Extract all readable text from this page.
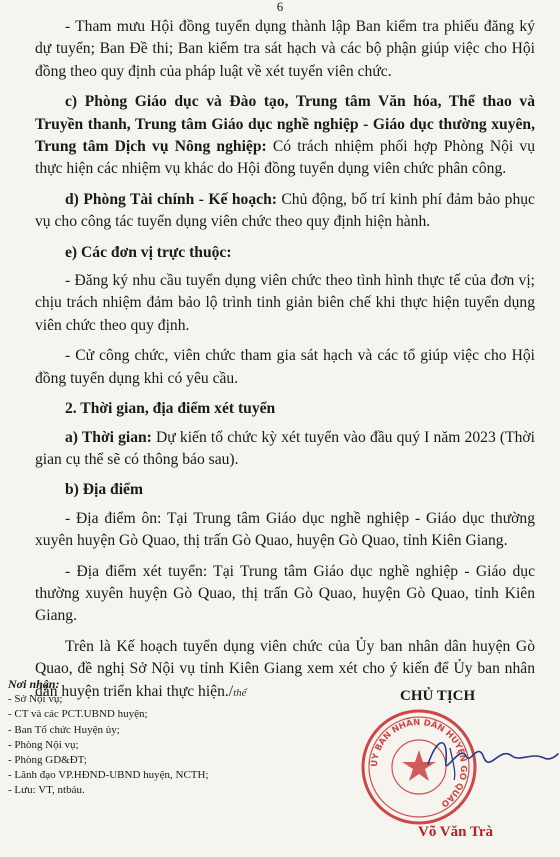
6

- Tham mưu Hội đồng tuyển dụng thành lập Ban kiểm tra phiếu đăng ký dự tuyển; Ban Đề thi; Ban kiểm tra sát hạch và các bộ phận giúp việc cho Hội đồng theo quy định của pháp luật về xét tuyển viên chức.

c) Phòng Giáo dục và Đào tạo, Trung tâm Văn hóa, Thể thao và Truyền thanh, Trung tâm Giáo dục nghề nghiệp - Giáo dục thường xuyên, Trung tâm Dịch vụ Nông nghiệp: Có trách nhiệm phối hợp Phòng Nội vụ thực hiện các nhiệm vụ khác do Hội đồng tuyển dụng viên chức phân công.

d) Phòng Tài chính - Kế hoạch: Chủ động, bố trí kinh phí đảm bảo phục vụ cho công tác tuyển dụng viên chức theo quy định hiện hành.

e) Các đơn vị trực thuộc:

- Đăng ký nhu cầu tuyển dụng viên chức theo tình hình thực tế của đơn vị; chịu trách nhiệm đảm bảo lộ trình tinh giản biên chế khi thực hiện tuyển dụng viên chức theo quy định.

- Cử công chức, viên chức tham gia sát hạch và các tổ giúp việc cho Hội đồng tuyển dụng khi có yêu cầu.

2. Thời gian, địa điểm xét tuyển

a) Thời gian: Dự kiến tổ chức kỳ xét tuyển vào đầu quý I năm 2023 (Thời gian cụ thể sẽ có thông báo sau).

b) Địa điểm

- Địa điểm ôn: Tại Trung tâm Giáo dục nghề nghiệp - Giáo dục thường xuyên huyện Gò Quao, thị trấn Gò Quao, huyện Gò Quao, tỉnh Kiên Giang.

- Địa điểm xét tuyển: Tại Trung tâm Giáo dục nghề nghiệp - Giáo dục thường xuyên huyện Gò Quao, thị trấn Gò Quao, huyện Gò Quao, tỉnh Kiên Giang.

Trên là Kế hoạch tuyển dụng viên chức của Ủy ban nhân dân huyện Gò Quao, đề nghị Sở Nội vụ tỉnh Kiên Giang xem xét cho ý kiến để Ủy ban nhân dân huyện triển khai thực hiện./thể

Nơi nhận:
- Sở Nội vụ;
- CT và các PCT.UBND huyện;
- Ban Tổ chức Huyện ủy;
- Phòng Nội vụ;
- Phòng GD&ĐT;
- Lãnh đạo VP.HĐND-UBND huyện, NCTH;
- Lưu: VT, ntbáu.
CHỦ TỊCH
ỦY BAN NHÂN DÂN HUYỆN GÒ QUAO
Võ Văn Trà
